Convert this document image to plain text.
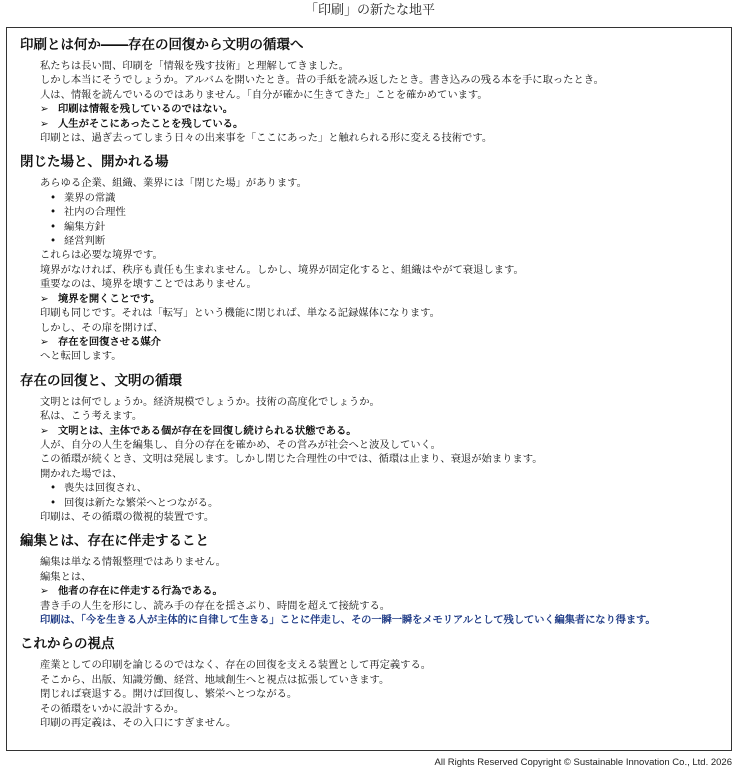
「印刷」の新たな地平
印刷とは何か――存在の回復から文明の循環へ
私たちは長い間、印刷を「情報を残す技術」と理解してきました。
しかし本当にそうでしょうか。アルバムを開いたとき。昔の手紙を読み返したとき。書き込みの残る本を手に取ったとき。
人は、情報を読んでいるのではありません。「自分が確かに生きてきた」ことを確かめています。
➢ 印刷は情報を残しているのではない。
➢ 人生がそこにあったことを残している。
印刷とは、過ぎ去ってしまう日々の出来事を「ここにあった」と触れられる形に変える技術です。
閉じた場と、開かれる場
あらゆる企業、組織、業界には「閉じた場」があります。
• 業界の常識
• 社内の合理性
• 編集方針
• 経営判断
これらは必要な境界です。
境界がなければ、秩序も責任も生まれません。しかし、境界が固定化すると、組織はやがて衰退します。
重要なのは、境界を壊すことではありません。
➢ 境界を開くことです。
印刷も同じです。それは「転写」という機能に閉じれば、単なる記録媒体になります。
しかし、その扉を開けば、
➢ 存在を回復させる媒介
へと転回します。
存在の回復と、文明の循環
文明とは何でしょうか。経済規模でしょうか。技術の高度化でしょうか。
私は、こう考えます。
➢ 文明とは、主体である個が存在を回復し続けられる状態である。
人が、自分の人生を編集し、自分の存在を確かめ、その営みが社会へと波及していく。
この循環が続くとき、文明は発展します。しかし閉じた合理性の中では、循環は止まり、衰退が始まります。
開かれた場では、
• 喪失は回復され、
• 回復は新たな繁栄へとつながる。
印刷は、その循環の微視的装置です。
編集とは、存在に伴走すること
編集は単なる情報整理ではありません。
編集とは、
➢ 他者の存在に伴走する行為である。
書き手の人生を形にし、読み手の存在を揺さぶり、時間を超えて接続する。
印刷は、「今を生きる人が主体的に自律して生きる」ことに伴走し、その一瞬一瞬をメモリアルとして残していく編集者になり得ます。
これからの視点
産業としての印刷を論じるのではなく、存在の回復を支える装置として再定義する。
そこから、出版、知識労働、経営、地域創生へと視点は拡張していきます。
閉じれば衰退する。開けば回復し、繁栄へとつながる。
その循環をいかに設計するか。
印刷の再定義は、その入口にすぎません。
All Rights Reserved Copyright © Sustainable Innovation Co., Ltd. 2026
